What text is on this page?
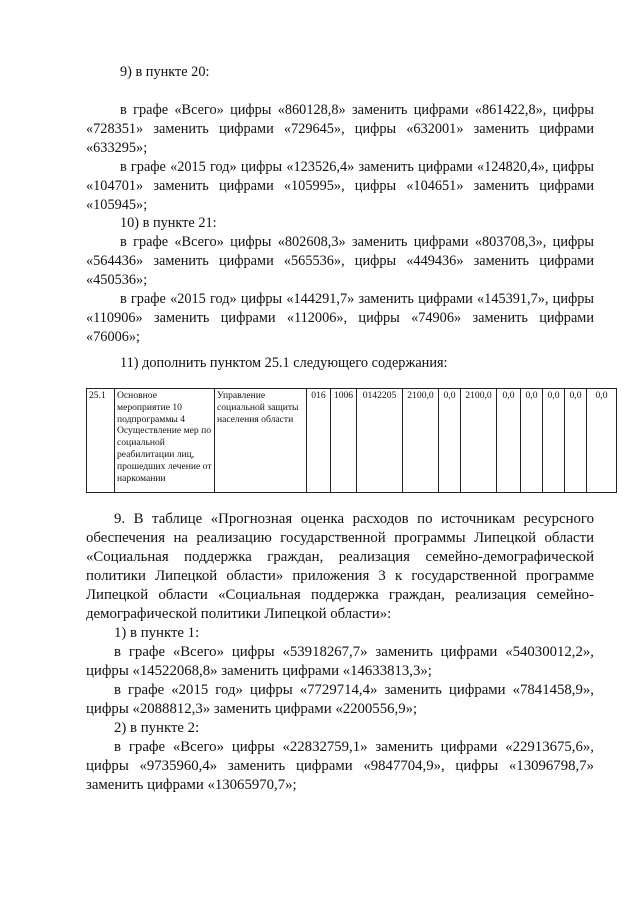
9) в пункте 20:

в графе «Всего» цифры «860128,8» заменить цифрами «861422,8», цифры «728351» заменить цифрами «729645», цифры «632001» заменить цифрами «633295»;

в графе «2015 год» цифры «123526,4» заменить цифрами «124820,4», цифры «104701» заменить цифрами «105995», цифры «104651» заменить цифрами «105945»;

10) в пункте 21:

в графе «Всего» цифры «802608,3» заменить цифрами «803708,3», цифры «564436» заменить цифрами «565536», цифры «449436» заменить цифрами «450536»;

в графе «2015 год» цифры «144291,7» заменить цифрами «145391,7», цифры «110906» заменить цифрами «112006», цифры «74906» заменить цифрами «76006»;

11) дополнить пунктом 25.1 следующего содержания:

25.1	Основное мероприятие 10 подпрограммы 4 Осуществление мер по социальной реабилитации лиц, прошедших лечение от наркомании	Управление социальной защиты населения области	016	1006	0142205	2100,0	0,0	2100,0	0,0	0,0	0,0	0,0	0,0

9. В таблице «Прогнозная оценка расходов по источникам ресурсного обеспечения на реализацию государственной программы Липецкой области «Социальная поддержка граждан, реализация семейно-демографической политики Липецкой области» приложения 3 к государственной программе Липецкой области «Социальная поддержка граждан, реализация семейно-демографической политики Липецкой области»:

1) в пункте 1:

в графе «Всего» цифры «53918267,7» заменить цифрами «54030012,2», цифры «14522068,8» заменить цифрами «14633813,3»;

в графе «2015 год» цифры «7729714,4» заменить цифрами «7841458,9», цифры «2088812,3» заменить цифрами «2200556,9»;

2) в пункте 2:

в графе «Всего» цифры «22832759,1» заменить цифрами «22913675,6», цифры «9735960,4» заменить цифрами «9847704,9», цифры «13096798,7» заменить цифрами «13065970,7»;
